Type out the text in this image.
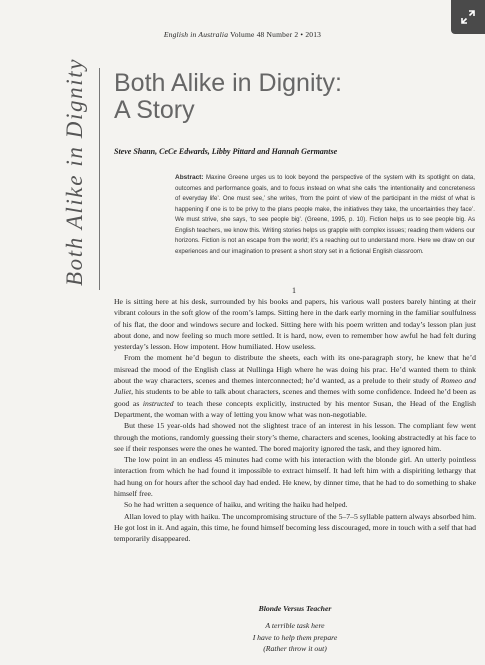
English in Australia Volume 48 Number 2 • 2013
Both Alike in Dignity Both Alike in Dignity:
A Story
Steve Shann, CeCe Edwards, Libby Pittard and Hannah Germantse
Abstract: Maxine Greene urges us to look beyond the perspective of the system with its spotlight on data, outcomes and performance goals, and to focus instead on what she calls ‘the intentionality and concreteness of everyday life’. One must see,’ she writes, ‘from the point of view of the participant in the midst of what is happening if one is to be privy to the plans people make, the initiatives they take, the uncertainties they face’. We must strive, she says, ‘to see people big’. (Greene, 1995, p. 10). Fiction helps us to see people big. As English teachers, we know this. Writing stories helps us grapple with complex issues; reading them widens our horizons. Fiction is not an escape from the world; it’s a reaching out to understand more. Here we draw on our experiences and our imagination to present a short story set in a fictional English classroom.
1

He is sitting here at his desk, surrounded by his books and papers, his various wall posters barely hinting at their vibrant colours in the soft glow of the room’s lamps. Sitting here in the dark early morning in the familiar soulfulness of his flat, the door and windows secure and locked. Sitting here with his poem written and today’s lesson plan just about done, and now feeling so much more settled. It is hard, now, even to remember how awful he had felt during yesterday’s lesson. How impotent. How humiliated. How useless.

From the moment he’d begun to distribute the sheets, each with its one-paragraph story, he knew that he’d misread the mood of the English class at Nullinga High where he was doing his prac. He’d wanted them to think about the way characters, scenes and themes interconnected; he’d wanted, as a prelude to their study of Romeo and Juliet, his students to be able to talk about characters, scenes and themes with some confidence. Indeed he’d been as good as instructed to teach these concepts explicitly, instructed by his mentor Susan, the Head of the English Department, the woman with a way of letting you know what was non-negotiable.

But these 15 year-olds had showed not the slightest trace of an interest in his lesson. The compliant few went through the motions, randomly guessing their story’s theme, characters and scenes, looking abstractedly at his face to see if their responses were the ones he wanted. The bored majority ignored the task, and they ignored him.

The low point in an endless 45 minutes had come with his interaction with the blonde girl. An utterly pointless interaction from which he had found it impossible to extract himself. It had left him with a dispiriting lethargy that had hung on for hours after the school day had ended. He knew, by dinner time, that he had to do something to shake himself free.

So he had written a sequence of haiku, and writing the haiku had helped.

Allan loved to play with haiku. The uncompromising structure of the 5–7–5 syllable pattern always absorbed him. He got lost in it. And again, this time, he found himself becoming less discouraged, more in touch with a self that had temporarily disappeared.

Blonde Versus Teacher
A terrible task here
I have to help them prepare
(Rather throw it out)
